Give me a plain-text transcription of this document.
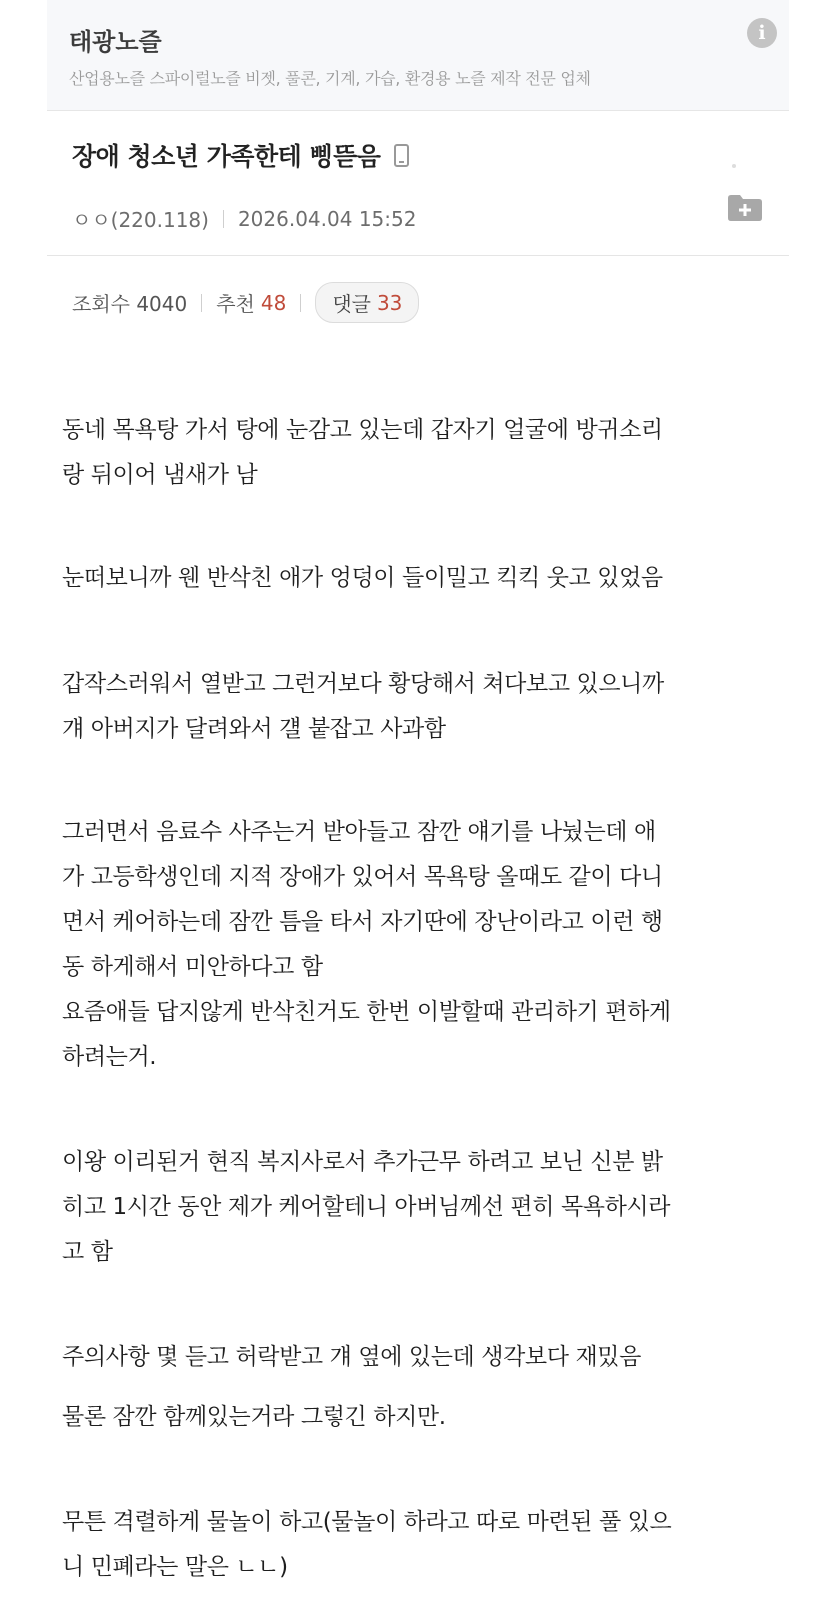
태광노즐
산업용노즐 스파이럴노즐 비젯, 풀콘, 기계, 가습, 환경용 노즐 제작 전문 업체
i
장애 청소년 가족한테 삥뜯음
ㅇㅇ(220.118) 2026.04.04 15:52
조회수 4040 추천 48 댓글 33
동네 목욕탕 가서 탕에 눈감고 있는데 갑자기 얼굴에 방귀소리
랑 뒤이어 냄새가 남
눈떠보니까 웬 반삭친 애가 엉덩이 들이밀고 킥킥 웃고 있었음
갑작스러워서 열받고 그런거보다 황당해서 쳐다보고 있으니까
걔 아버지가 달려와서 걜 붙잡고 사과함
그러면서 음료수 사주는거 받아들고 잠깐 얘기를 나눴는데 애
가 고등학생인데 지적 장애가 있어서 목욕탕 올때도 같이 다니
면서 케어하는데 잠깐 틈을 타서 자기딴에 장난이라고 이런 행
동 하게해서 미안하다고 함
요즘애들 답지않게 반삭친거도 한번 이발할때 관리하기 편하게
하려는거.
이왕 이리된거 현직 복지사로서 추가근무 하려고 보닌 신분 밝
히고 1시간 동안 제가 케어할테니 아버님께선 편히 목욕하시라
고 함
주의사항 몇 듣고 허락받고 걔 옆에 있는데 생각보다 재밌음
물론 잠깐 함께있는거라 그렇긴 하지만.
무튼 격렬하게 물놀이 하고(물놀이 하라고 따로 마련된 풀 있으
니 민폐라는 말은 ㄴㄴ)
